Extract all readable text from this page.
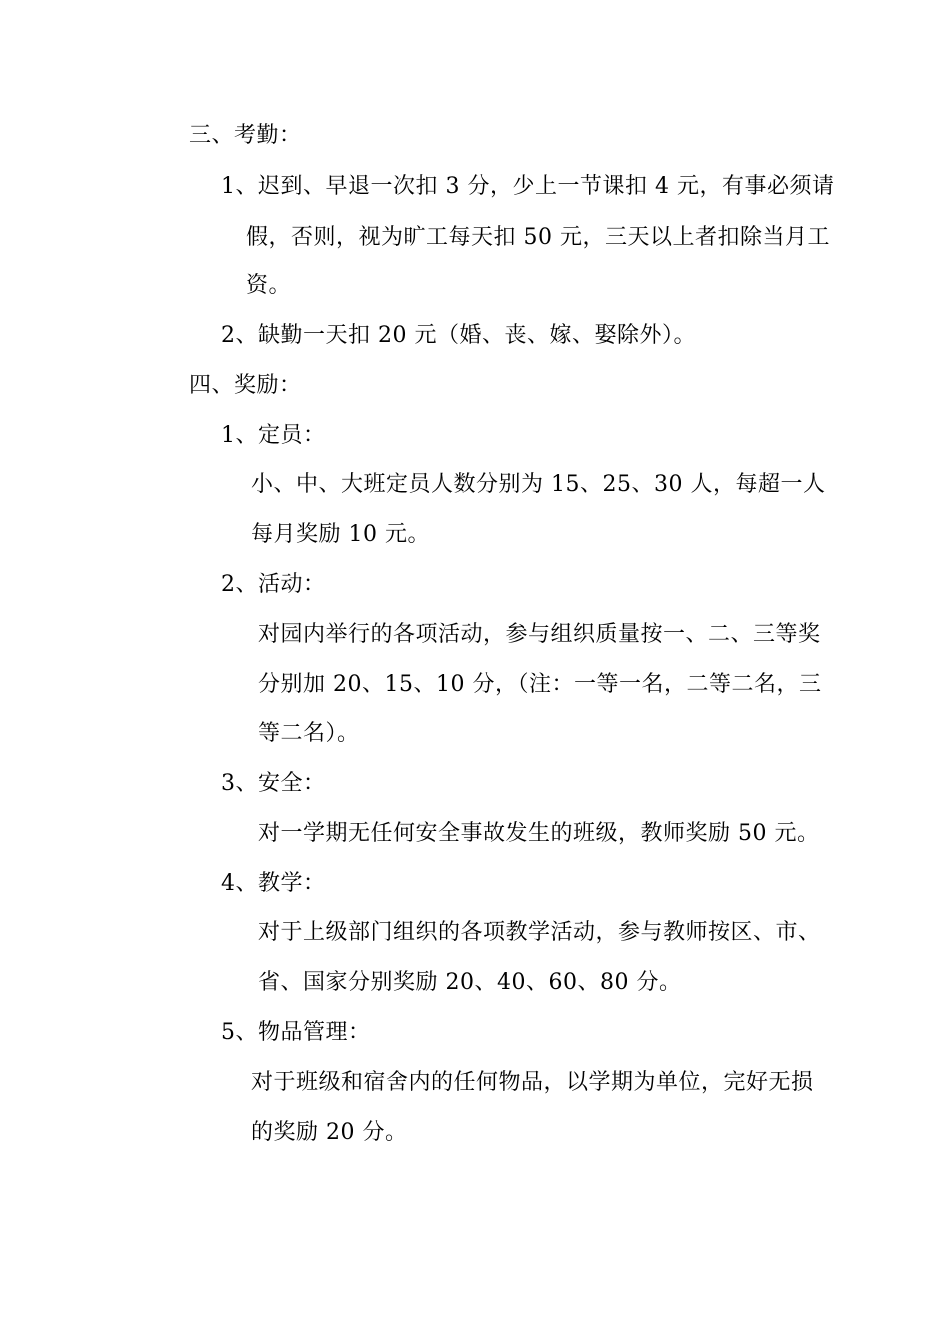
三、考勤：
1、迟到、早退一次扣 3 分，少上一节课扣 4 元，有事必须请
假，否则，视为旷工每天扣 50 元，三天以上者扣除当月工
资。
2、缺勤一天扣 20 元（婚、丧、嫁、娶除外）。
四、奖励：
1、定员：
小、中、大班定员人数分别为 15、25、30 人，每超一人
每月奖励 10 元。
2、活动：
对园内举行的各项活动，参与组织质量按一、二、三等奖
分别加 20、15、10 分，（注：一等一名，二等二名，三
等二名）。
3、安全：
对一学期无任何安全事故发生的班级，教师奖励 50 元。
4、教学：
对于上级部门组织的各项教学活动，参与教师按区、市、
省、国家分别奖励 20、40、60、80 分。
5、物品管理：
对于班级和宿舍内的任何物品，以学期为单位，完好无损
的奖励 20 分。
